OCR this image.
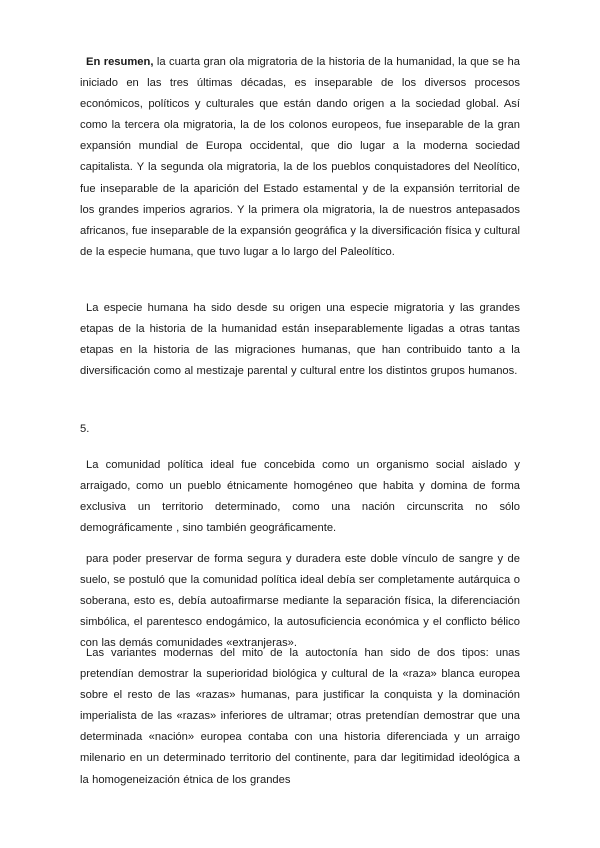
En resumen, la cuarta gran ola migratoria de la historia de la humanidad, la que se ha iniciado en las tres últimas décadas, es inseparable de los diversos procesos económicos, políticos y culturales que están dando origen a la sociedad global. Así como la tercera ola migratoria, la de los colonos europeos, fue inseparable de la gran expansión mundial de Europa occidental, que dio lugar a la moderna sociedad capitalista. Y la segunda ola migratoria, la de los pueblos conquistadores del Neolítico, fue inseparable de la aparición del Estado estamental y de la expansión territorial de los grandes imperios agrarios. Y la primera ola migratoria, la de nuestros antepasados africanos, fue inseparable de la expansión geográfica y la diversificación física y cultural de la especie humana, que tuvo lugar a lo largo del Paleolítico.

La especie humana ha sido desde su origen una especie migratoria y las grandes etapas de la historia de la humanidad están inseparablemente ligadas a otras tantas etapas en la historia de las migraciones humanas, que han contribuido tanto a la diversificación como al mestizaje parental y cultural entre los distintos grupos humanos.

5.

La comunidad política ideal fue concebida como un organismo social aislado y arraigado, como un pueblo étnicamente homogéneo que habita y domina de forma exclusiva un territorio determinado, como una nación circunscrita no sólo demográficamente , sino también geográficamente.

para poder preservar de forma segura y duradera este doble vínculo de sangre y de suelo, se postuló que la comunidad política ideal debía ser completamente autárquica o soberana, esto es, debía autoafirmarse mediante la separación física, la diferenciación simbólica, el parentesco endogámico, la autosuficiencia económica y el conflicto bélico con las demás comunidades «extranjeras».

Las variantes modernas del mito de la autoctonía han sido de dos tipos: unas pretendían demostrar la superioridad biológica y cultural de la «raza» blanca europea sobre el resto de las «razas» humanas, para justificar la conquista y la dominación imperialista de las «razas» inferiores de ultramar; otras pretendían demostrar que una determinada «nación» europea contaba con una historia diferenciada y un arraigo milenario en un determinado territorio del continente, para dar legitimidad ideológica a la homogeneización étnica de los grandes
